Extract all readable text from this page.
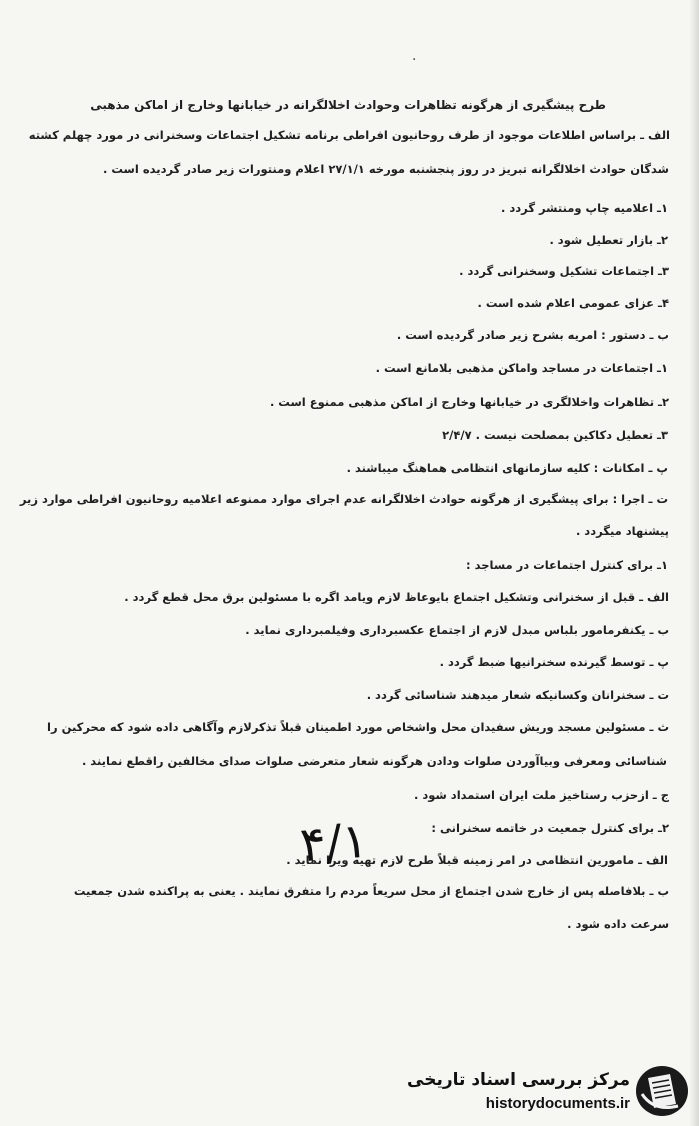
·
طرح پیشگیری از هرگونه تظاهرات وحوادث اخلالگرانه در خیابانها وخارج از اماکن مذهبی
الف ـ براساس اطلاعات موجود از طرف روحانیون افراطی برنامه تشکیل اجتماعات وسخنرانی در مورد چهلم کشته
شدگان حوادث اخلالگرانه تبریز در روز پنجشنبه مورخه ۲۷/۱/۱ اعلام ومنتورات زیر صادر گردیده است .
۱ـ اعلامیه چاپ ومنتشر گردد .
۲ـ بازار تعطیل شود .
۳ـ اجتماعات تشکیل وسخنرانی گردد .
۴ـ عزای عمومی اعلام شده است .
ب ـ دستور : امریه بشرح زیر صادر گردیده است .
۱ـ اجتماعات در مساجد واماکن مذهبی بلامانع است .
۲ـ تظاهرات واخلالگری در خیابانها وخارج از اماکن مذهبی ممنوع است .
۳ـ تعطیل دکاکین بمصلحت نیست . ۲/۴/۷
پ ـ امکانات : کلیه سازمانهای انتظامی هماهنگ میباشند .
ت ـ اجرا : برای پیشگیری از هرگونه حوادث اخلالگرانه عدم اجرای موارد ممنوعه اعلامیه روحانیون افراطی موارد زیر
پیشنهاد میگردد .
۱ـ برای کنترل اجتماعات در مساجد :
الف ـ قبل از سخنرانی وتشکیل اجتماع بایوعاظ لازم ویامد اگره با مسئولین برق محل قطع گردد .
ب ـ یکنفرمامور بلباس مبدل لازم از اجتماع عکسبرداری وفیلمبرداری نماید .
پ ـ توسط گیرنده سخنرانیها ضبط گردد .
ت ـ سخنرانان وکسانیکه شعار میدهند شناسائی گردد .
ث ـ مسئولین مسجد وریش سفیدان محل واشخاص مورد اطمینان قبلاً تذکرلازم وآگاهی داده شود که محرکین را
شناسائی ومعرفی وبیاآوردن صلوات ودادن هرگونه شعار متعرضی صلوات صدای مخالفین راقطع نمایند .
ج ـ ازحزب رستاخیز ملت ایران استمداد شود .
۲ـ برای کنترل جمعیت در خاتمه سخنرانی :
الف ـ مامورین انتظامی در امر زمینه قبلاً طرح لازم تهیه ویرا نماید .
ب ـ بلافاصله پس از خارج شدن اجتماع از محل سریعاً مردم را متفرق نمایند . یعنی به پراکنده شدن جمعیت
سرعت داده شود .
۴/۱
مرکز بررسی اسناد تاریخی
historydocuments.ir
